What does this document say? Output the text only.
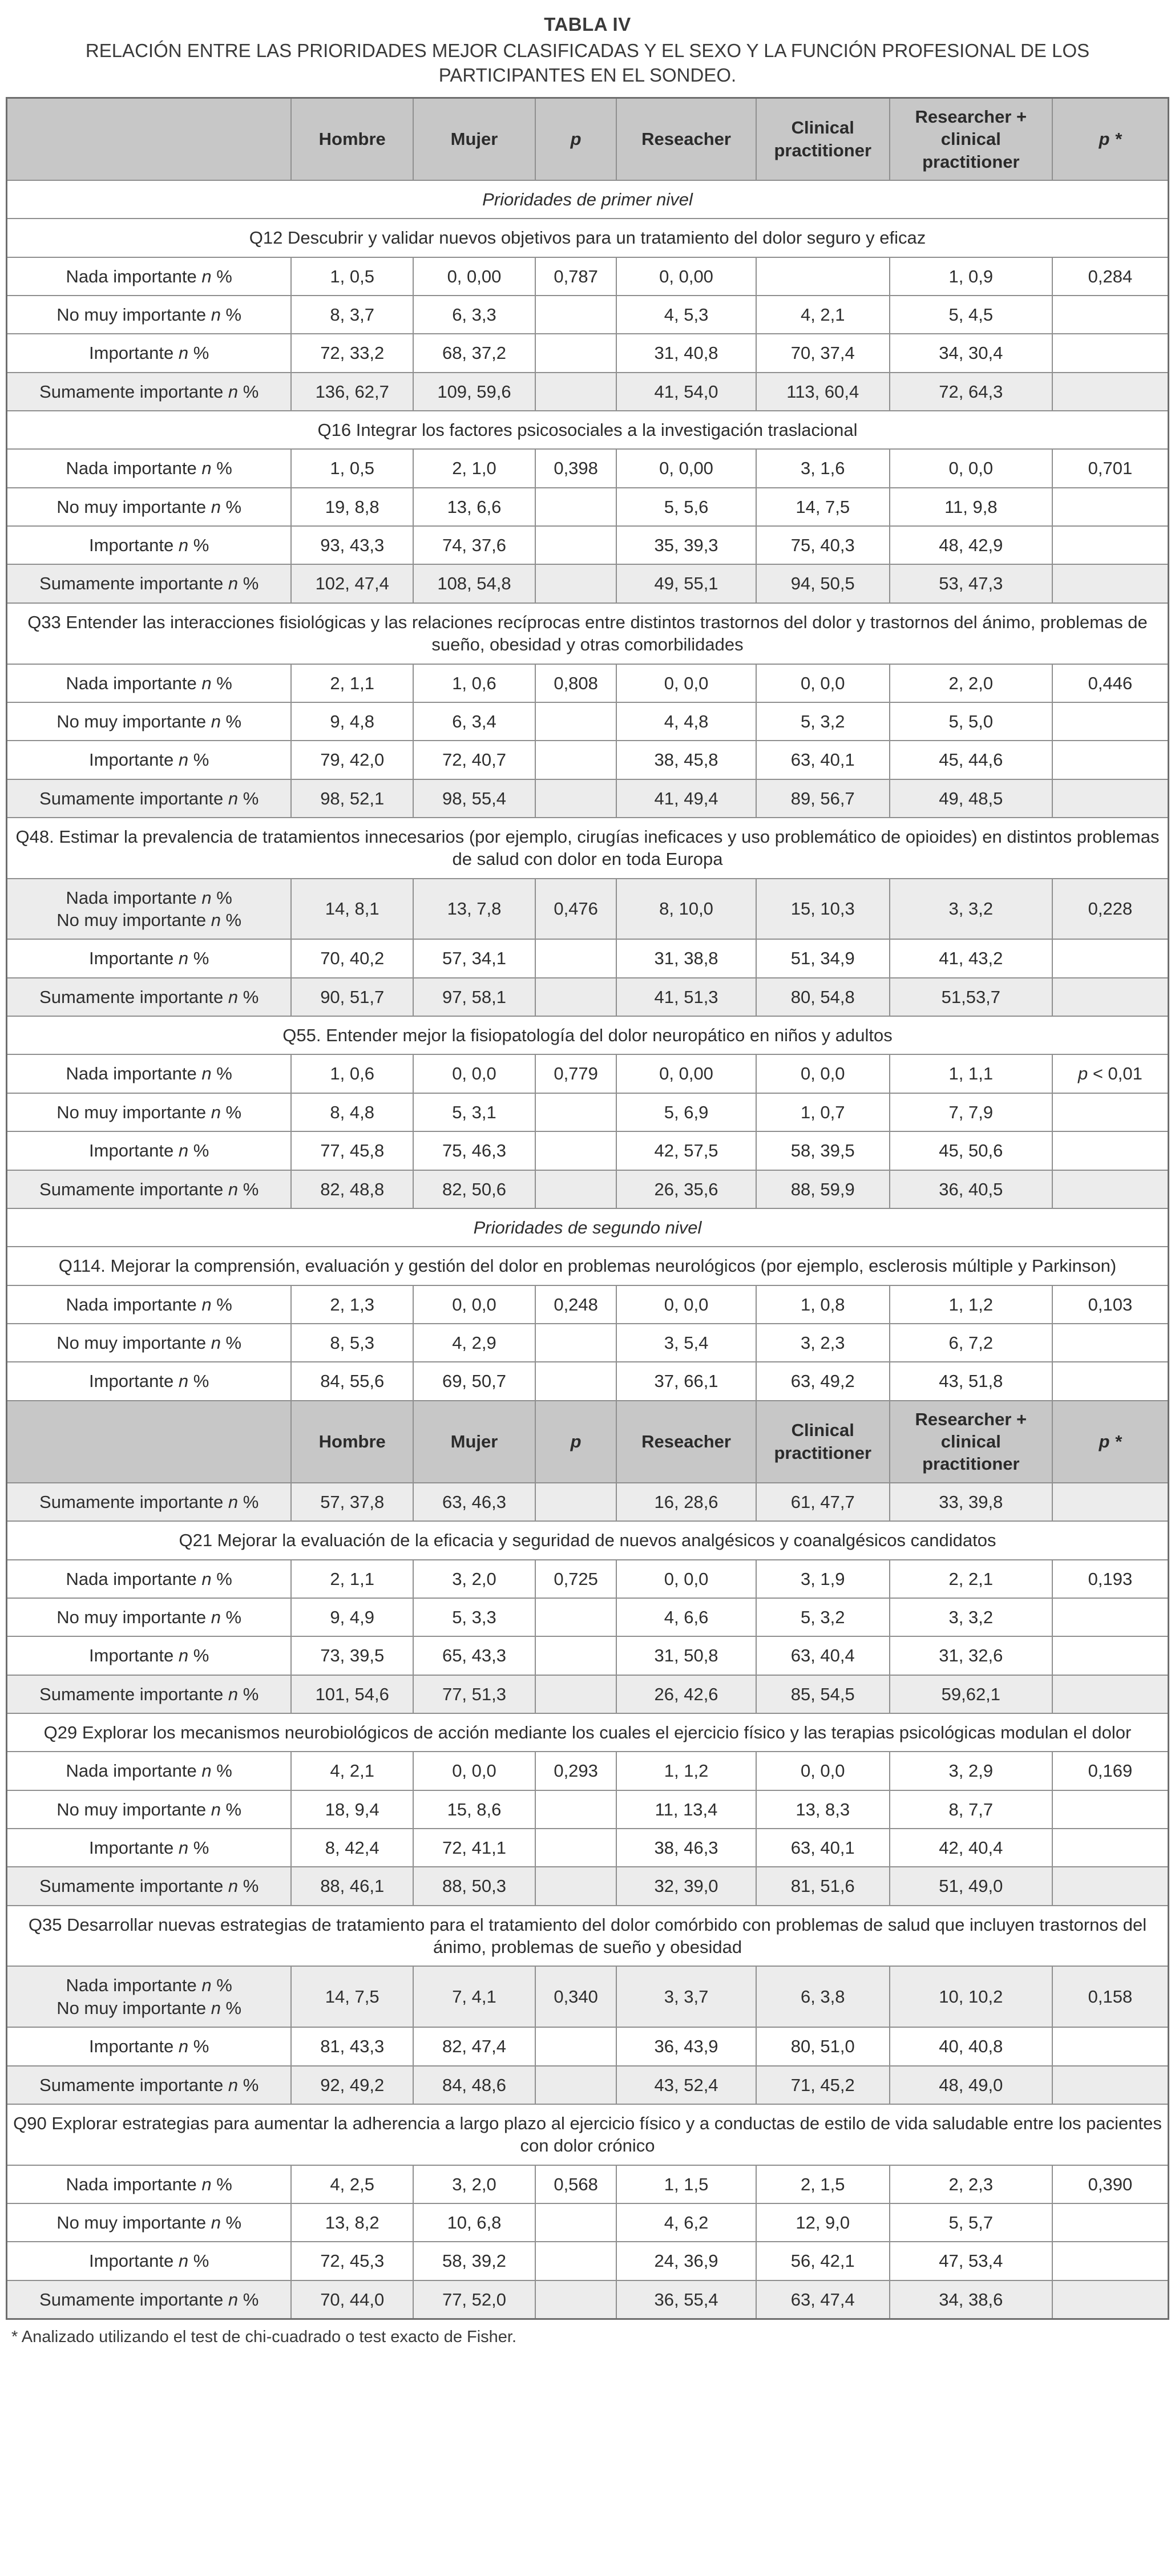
TABLA IV
RELACIÓN ENTRE LAS PRIORIDADES MEJOR CLASIFICADAS Y EL SEXO Y LA FUNCIÓN PROFESIONAL DE LOS PARTICIPANTES EN EL SONDEO.
	Hombre	Mujer	p	Reseacher	Clinical practitioner	Researcher + clinical practitioner	p *
Prioridades de primer nivel							
Q12 Descubrir y validar nuevos objetivos para un tratamiento del dolor seguro y eficaz							
Nada importante n %	1, 0,5	0, 0,00	0,787	0, 0,00		1, 0,9	0,284
No muy importante n %	8, 3,7	6, 3,3		4, 5,3	4, 2,1	5, 4,5	
Importante n %	72, 33,2	68, 37,2		31, 40,8	70, 37,4	34, 30,4	
Sumamente importante n %	136, 62,7	109, 59,6		41, 54,0	113, 60,4	72, 64,3	
Q16 Integrar los factores psicosociales a la investigación traslacional							
Nada importante n %	1, 0,5	2, 1,0	0,398	0, 0,00	3, 1,6	0, 0,0	0,701
No muy importante n %	19, 8,8	13, 6,6		5, 5,6	14, 7,5	11, 9,8	
Importante n %	93, 43,3	74, 37,6		35, 39,3	75, 40,3	48, 42,9	
Sumamente importante n %	102, 47,4	108, 54,8		49, 55,1	94, 50,5	53, 47,3	
Q33 Entender las interacciones fisiológicas y las relaciones recíprocas entre distintos trastornos del dolor y trastornos del ánimo, problemas de sueño, obesidad y otras comorbilidades							
Nada importante n %	2, 1,1	1, 0,6	0,808	0, 0,0	0, 0,0	2, 2,0	0,446
No muy importante n %	9, 4,8	6, 3,4		4, 4,8	5, 3,2	5, 5,0	
Importante n %	79, 42,0	72, 40,7		38, 45,8	63, 40,1	45, 44,6	
Sumamente importante n %	98, 52,1	98, 55,4		41, 49,4	89, 56,7	49, 48,5	
Q48. Estimar la prevalencia de tratamientos innecesarios (por ejemplo, cirugías ineficaces y uso problemático de opioides) en distintos problemas de salud con dolor en toda Europa							
Nada importante n %
No muy importante n %	14, 8,1	13, 7,8	0,476	8, 10,0	15, 10,3	3, 3,2	0,228
Importante n %	70, 40,2	57, 34,1		31, 38,8	51, 34,9	41, 43,2	
Sumamente importante n %	90, 51,7	97, 58,1		41, 51,3	80, 54,8	51,53,7	
Q55. Entender mejor la fisiopatología del dolor neuropático en niños y adultos							
Nada importante n %	1, 0,6	0, 0,0	0,779	0, 0,00	0, 0,0	1, 1,1	p < 0,01
No muy importante n %	8, 4,8	5, 3,1		5, 6,9	1, 0,7	7, 7,9	
Importante n %	77, 45,8	75, 46,3		42, 57,5	58, 39,5	45, 50,6	
Sumamente importante n %	82, 48,8	82, 50,6		26, 35,6	88, 59,9	36, 40,5	
Prioridades de segundo nivel							
Q114. Mejorar la comprensión, evaluación y gestión del dolor en problemas neurológicos (por ejemplo, esclerosis múltiple y Parkinson)							
Nada importante n %	2, 1,3	0, 0,0	0,248	0, 0,0	1, 0,8	1, 1,2	0,103
No muy importante n %	8, 5,3	4, 2,9		3, 5,4	3, 2,3	6, 7,2	
Importante n %	84, 55,6	69, 50,7		37, 66,1	63, 49,2	43, 51,8	
	Hombre	Mujer	p	Reseacher	Clinical practitioner	Researcher + clinical practitioner	p *
Sumamente importante n %	57, 37,8	63, 46,3		16, 28,6	61, 47,7	33, 39,8	
Q21 Mejorar la evaluación de la eficacia y seguridad de nuevos analgésicos y coanalgésicos candidatos							
Nada importante n %	2, 1,1	3, 2,0	0,725	0, 0,0	3, 1,9	2, 2,1	0,193
No muy importante n %	9, 4,9	5, 3,3		4, 6,6	5, 3,2	3, 3,2	
Importante n %	73, 39,5	65, 43,3		31, 50,8	63, 40,4	31, 32,6	
Sumamente importante n %	101, 54,6	77, 51,3		26, 42,6	85, 54,5	59,62,1	
Q29 Explorar los mecanismos neurobiológicos de acción mediante los cuales el ejercicio físico y las terapias psicológicas modulan el dolor							
Nada importante n %	4, 2,1	0, 0,0	0,293	1, 1,2	0, 0,0	3, 2,9	0,169
No muy importante n %	18, 9,4	15, 8,6		11, 13,4	13, 8,3	8, 7,7	
Importante n %	8, 42,4	72, 41,1		38, 46,3	63, 40,1	42, 40,4	
Sumamente importante n %	88, 46,1	88, 50,3		32, 39,0	81, 51,6	51, 49,0	
Q35 Desarrollar nuevas estrategias de tratamiento para el tratamiento del dolor comórbido con problemas de salud que incluyen trastornos del ánimo, problemas de sueño y obesidad							
Nada importante n %
No muy importante n %	14, 7,5	7, 4,1	0,340	3, 3,7	6, 3,8	10, 10,2	0,158
Importante n %	81, 43,3	82, 47,4		36, 43,9	80, 51,0	40, 40,8	
Sumamente importante n %	92, 49,2	84, 48,6		43, 52,4	71, 45,2	48, 49,0	
Q90 Explorar estrategias para aumentar la adherencia a largo plazo al ejercicio físico y a conductas de estilo de vida saludable entre los pacientes con dolor crónico							
Nada importante n %	4, 2,5	3, 2,0	0,568	1, 1,5	2, 1,5	2, 2,3	0,390
No muy importante n %	13, 8,2	10, 6,8		4, 6,2	12, 9,0	5, 5,7	
Importante n %	72, 45,3	58, 39,2		24, 36,9	56, 42,1	47, 53,4	
Sumamente importante n %	70, 44,0	77, 52,0		36, 55,4	63, 47,4	34, 38,6	
* Analizado utilizando el test de chi-cuadrado o test exacto de Fisher.
